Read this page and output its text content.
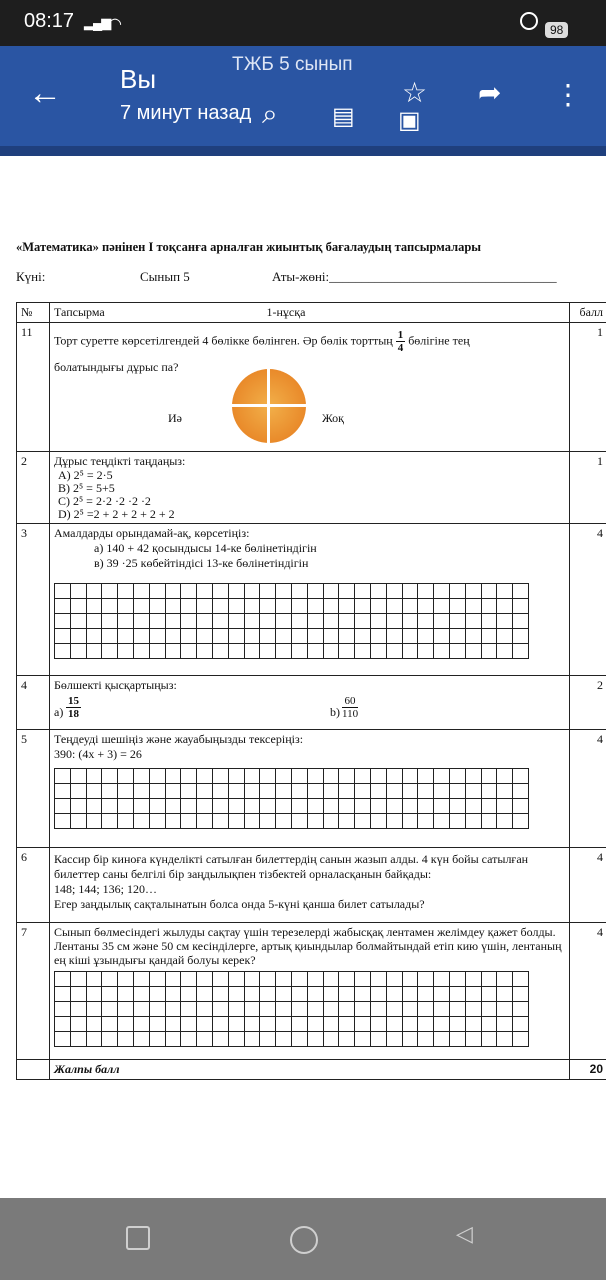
08:17 ▂▄▆
◠	98
ТЖБ 5 сынып
← Вы
7 минут назад ⌕ ▤
☆
▣
➦ ⋮
«Математика» пәнінен I тоқсанға арналған жиынтық бағалаудың тапсырмалары
Күні:	Сынып 5	Аты-жөні:___________________________________
№	Тапсырма	1-нұсқа	балл
11	
Торт суретте көрсетілгендей 4 бөлікке бөлінген. Әр бөлік торттың $\frac{1}{4}$ бөлігіне тең
болатындығы дұрыс па?
Иә	Жоқ
	1
2	Дұрыс теңдікті таңдаңыз:
A) 2⁵ = 2·5
B) 2⁵ = 5+5
C) 2⁵ = 2·2 ·2 ·2 ·2
D) 2⁵ =2 + 2 + 2 + 2 + 2
	1
3	Амалдарды орындамай-ақ, көрсетіңіз:
а) 140 + 42 қосындысы 14-ке бөлінетіндігін
в) 39 ·25 көбейтіндісі 13-ке бөлінетіндігін

	4
4	Бөлшекті қысқартыңыз:
$a) \frac{15}{18}$	$b) \frac{60}{110}$
	2
5	Теңдеуді шешіңіз және жауабыңызды тексеріңіз:
390: (4x + 3) = 26

	4
6	Кассир бір киноға күнделікті сатылған билеттердің санын жазып алды. 4 күн бойы сатылған билеттер саны белгілі бір заңдылықпен тізбектей орналасқанын байқады:
148; 144; 136; 120…
Егер заңдылық сақталынатын болса онда 5-күні қанша билет сатылады?
	4
7	Сынып бөлмесіндегі жылуды сақтау үшін терезелерді жабысқақ лентамен желімдеу қажет болды. Лентаны 35 см және 50 см кесінділерге, артық қиындылар болмайтындай етіп кию үшін, лентаның ең кіші ұзындығы қандай болуы керек?

	4
	Жалпы балл	20
◁
